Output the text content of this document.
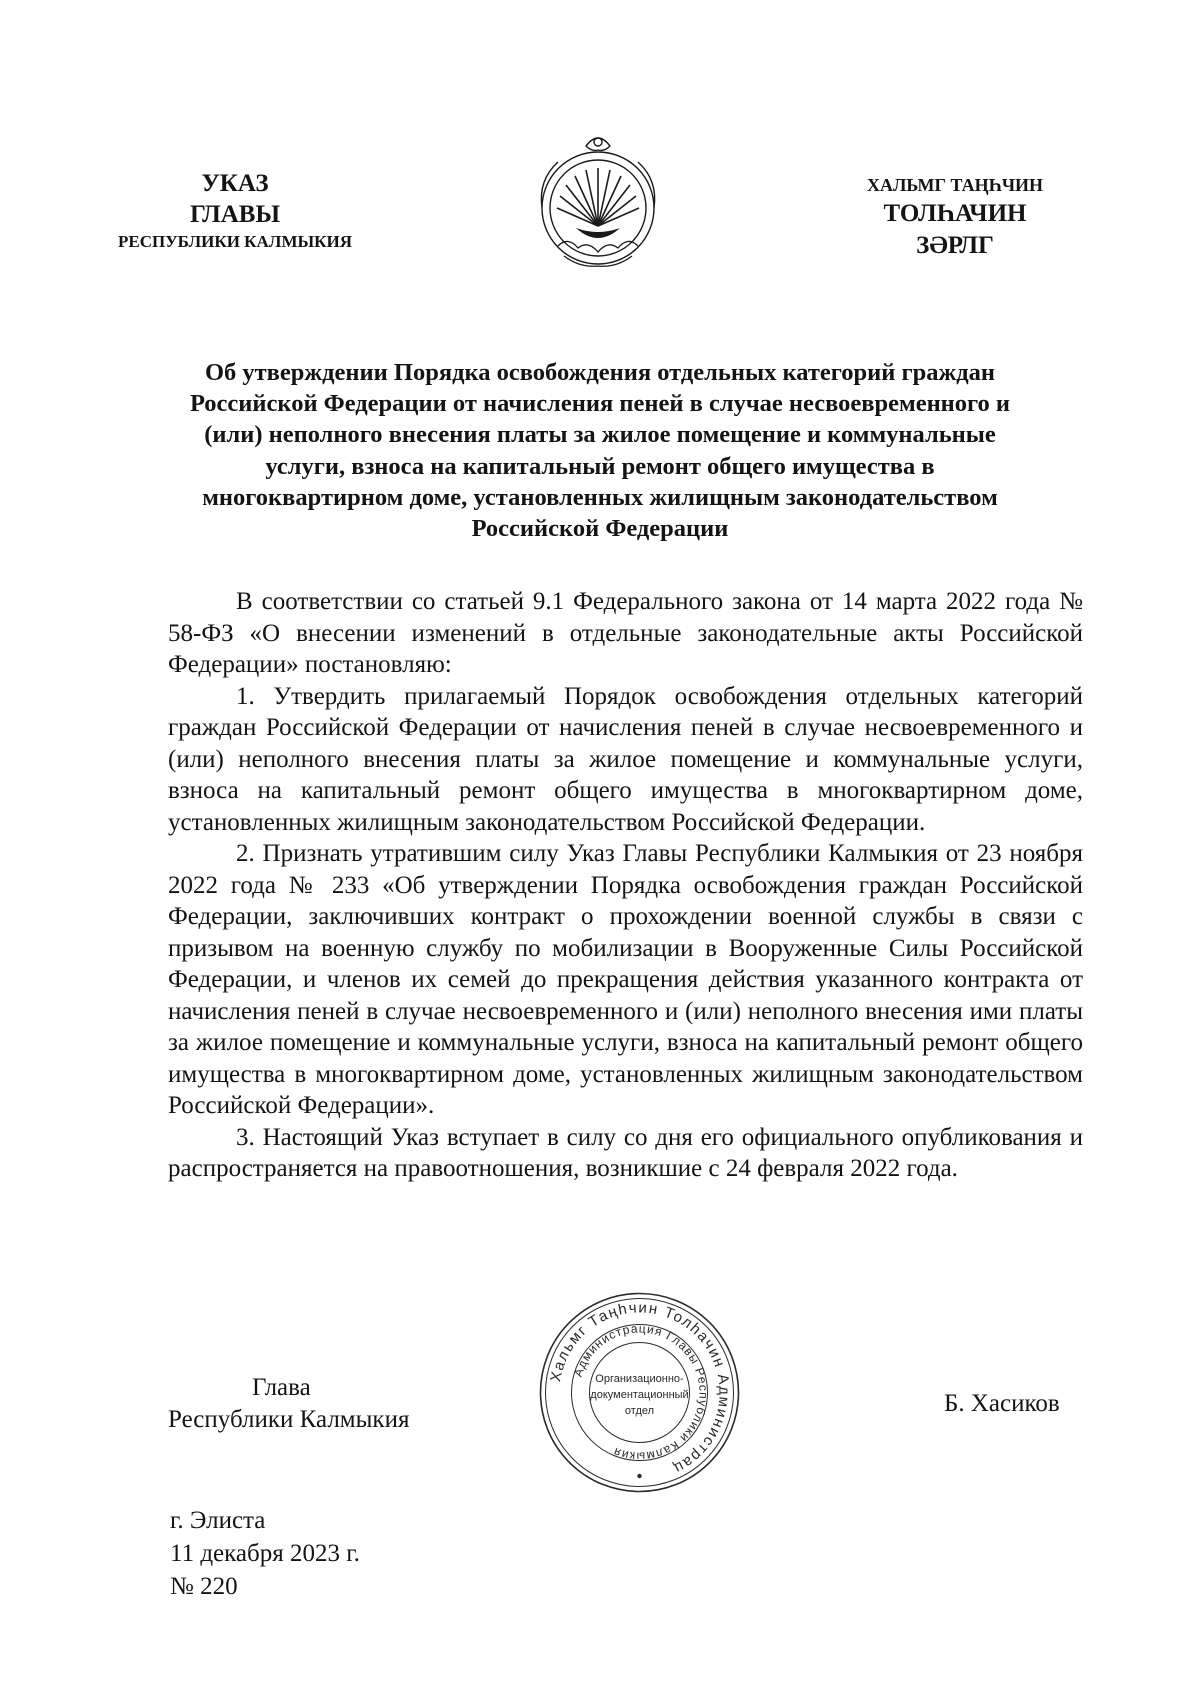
УКАЗ
ГЛАВЫ
РЕСПУБЛИКИ КАЛМЫКИЯ
ХАЛЬМГ ТАҢҺЧИН
ТОЛҺАЧИН
ЗӘРЛГ
Об утверждении Порядка освобождения отдельных категорий граждан Российской Федерации от начисления пеней в случае несвоевременного и (или) неполного внесения платы за жилое помещение и коммунальные услуги, взноса на капитальный ремонт общего имущества в многоквартирном доме, установленных жилищным законодательством Российской Федерации

В соответствии со статьей 9.1 Федерального закона от 14 марта 2022 года № 58-ФЗ «О внесении изменений в отдельные законодательные акты Российской Федерации» постановляю:

1. Утвердить прилагаемый Порядок освобождения отдельных категорий граждан Российской Федерации от начисления пеней в случае несвоевременного и (или) неполного внесения платы за жилое помещение и коммунальные услуги, взноса на капитальный ремонт общего имущества в многоквартирном доме, установленных жилищным законодательством Российской Федерации.

2. Признать утратившим силу Указ Главы Республики Калмыкия от 23 ноября 2022 года № 233 «Об утверждении Порядка освобождения граждан Российской Федерации, заключивших контракт о прохождении военной службы в связи с призывом на военную службу по мобилизации в Вооруженные Силы Российской Федерации, и членов их семей до прекращения действия указанного контракта от начисления пеней в случае несвоевременного и (или) неполного внесения ими платы за жилое помещение и коммунальные услуги, взноса на капитальный ремонт общего имущества в многоквартирном доме, установленных жилищным законодательством Российской Федерации».

3. Настоящий Указ вступает в силу со дня его официального опубликования и распространяется на правоотношения, возникшие с 24 февраля 2022 года.

Глава
Республики Калмыкия
Хальмг Таңһчин Толһачин Администрац
Администрация Главы Республики Калмыкия
Организационно-
документационный
отдел	Б. Хасиков
г. Элиста
11 декабря 2023 г.
№ 220
